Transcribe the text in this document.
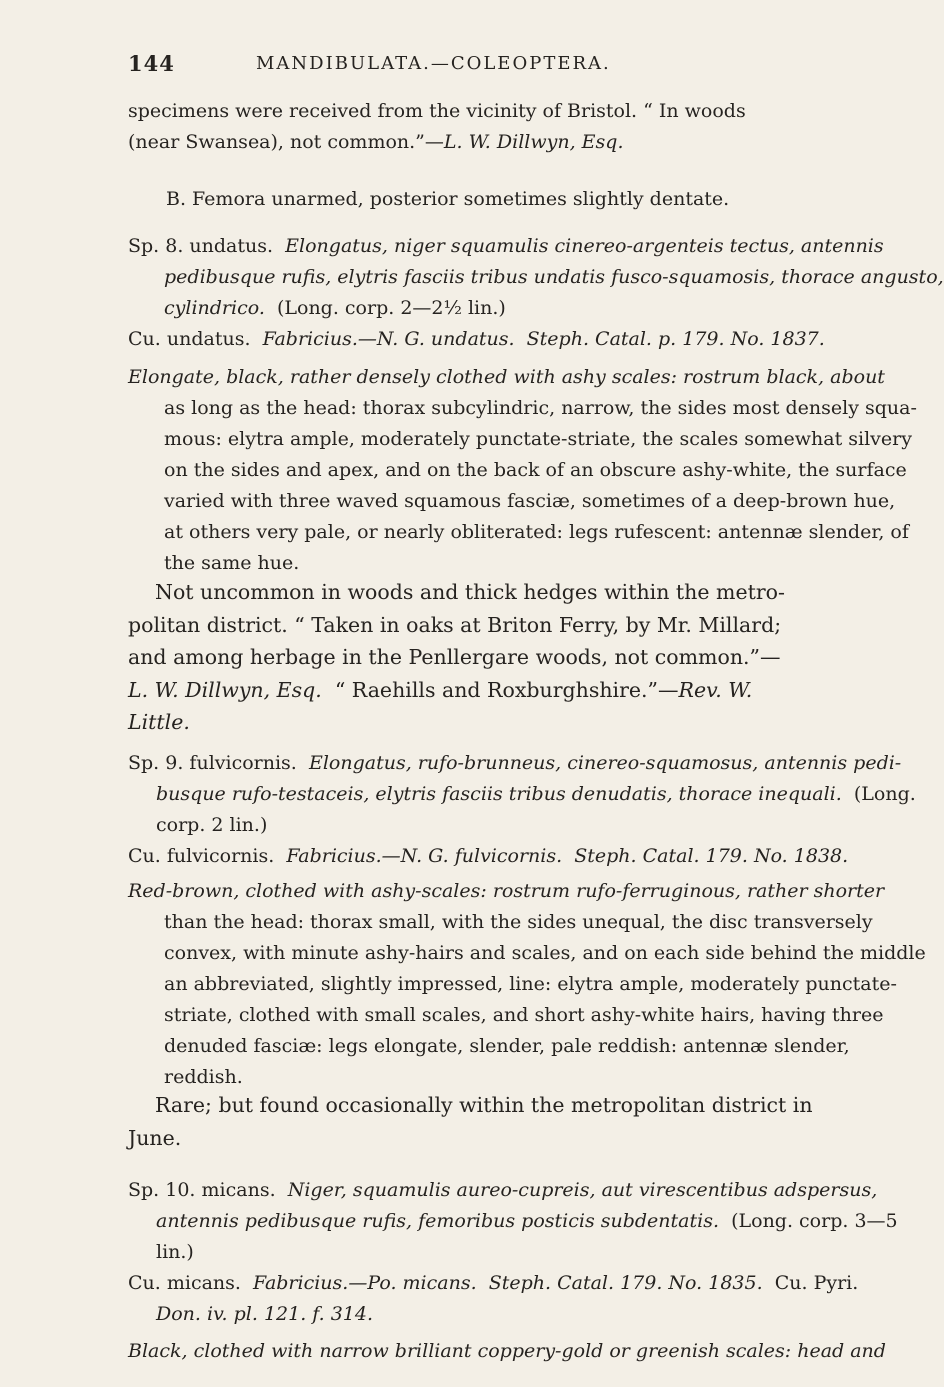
144	MANDIBULATA.—COLEOPTERA.
specimens were received from the vicinity of Bristol. “ In woods
(near Swansea), not common.”—L. W. Dillwyn, Esq.
B. Femora unarmed, posterior sometimes slightly dentate.
Sp. 8. undatus. Elongatus, niger squamulis cinereo-argenteis tectus, antennis
pedibusque rufis, elytris fasciis tribus undatis fusco-squamosis, thorace angusto,
cylindrico. (Long. corp. 2—2½ lin.)
Cu. undatus. Fabricius.—N. G. undatus. Steph. Catal. p. 179. No. 1837.
Elongate, black, rather densely clothed with ashy scales: rostrum black, about
as long as the head: thorax subcylindric, narrow, the sides most densely squa-
mous: elytra ample, moderately punctate-striate, the scales somewhat silvery
on the sides and apex, and on the back of an obscure ashy-white, the surface
varied with three waved squamous fasciæ, sometimes of a deep-brown hue,
at others very pale, or nearly obliterated: legs rufescent: antennæ slender, of
the same hue.
Not uncommon in woods and thick hedges within the metro-
politan district. “ Taken in oaks at Briton Ferry, by Mr. Millard;
and among herbage in the Penllergare woods, not common.”—
L. W. Dillwyn, Esq. “ Raehills and Roxburghshire.”—Rev. W.
Little.
Sp. 9. fulvicornis. Elongatus, rufo-brunneus, cinereo-squamosus, antennis pedi-
busque rufo-testaceis, elytris fasciis tribus denudatis, thorace inequali. (Long.
corp. 2 lin.)
Cu. fulvicornis. Fabricius.—N. G. fulvicornis. Steph. Catal. 179. No. 1838.
Red-brown, clothed with ashy-scales: rostrum rufo-ferruginous, rather shorter
than the head: thorax small, with the sides unequal, the disc transversely
convex, with minute ashy-hairs and scales, and on each side behind the middle
an abbreviated, slightly impressed, line: elytra ample, moderately punctate-
striate, clothed with small scales, and short ashy-white hairs, having three
denuded fasciæ: legs elongate, slender, pale reddish: antennæ slender,
reddish.
Rare; but found occasionally within the metropolitan district in
June.
Sp. 10. micans. Niger, squamulis aureo-cupreis, aut virescentibus adspersus,
antennis pedibusque rufis, femoribus posticis subdentatis. (Long. corp. 3—5
lin.)
Cu. micans. Fabricius.—Po. micans. Steph. Catal. 179. No. 1835. Cu. Pyri.
Don. iv. pl. 121. f. 314.
Black, clothed with narrow brilliant coppery-gold or greenish scales: head and
